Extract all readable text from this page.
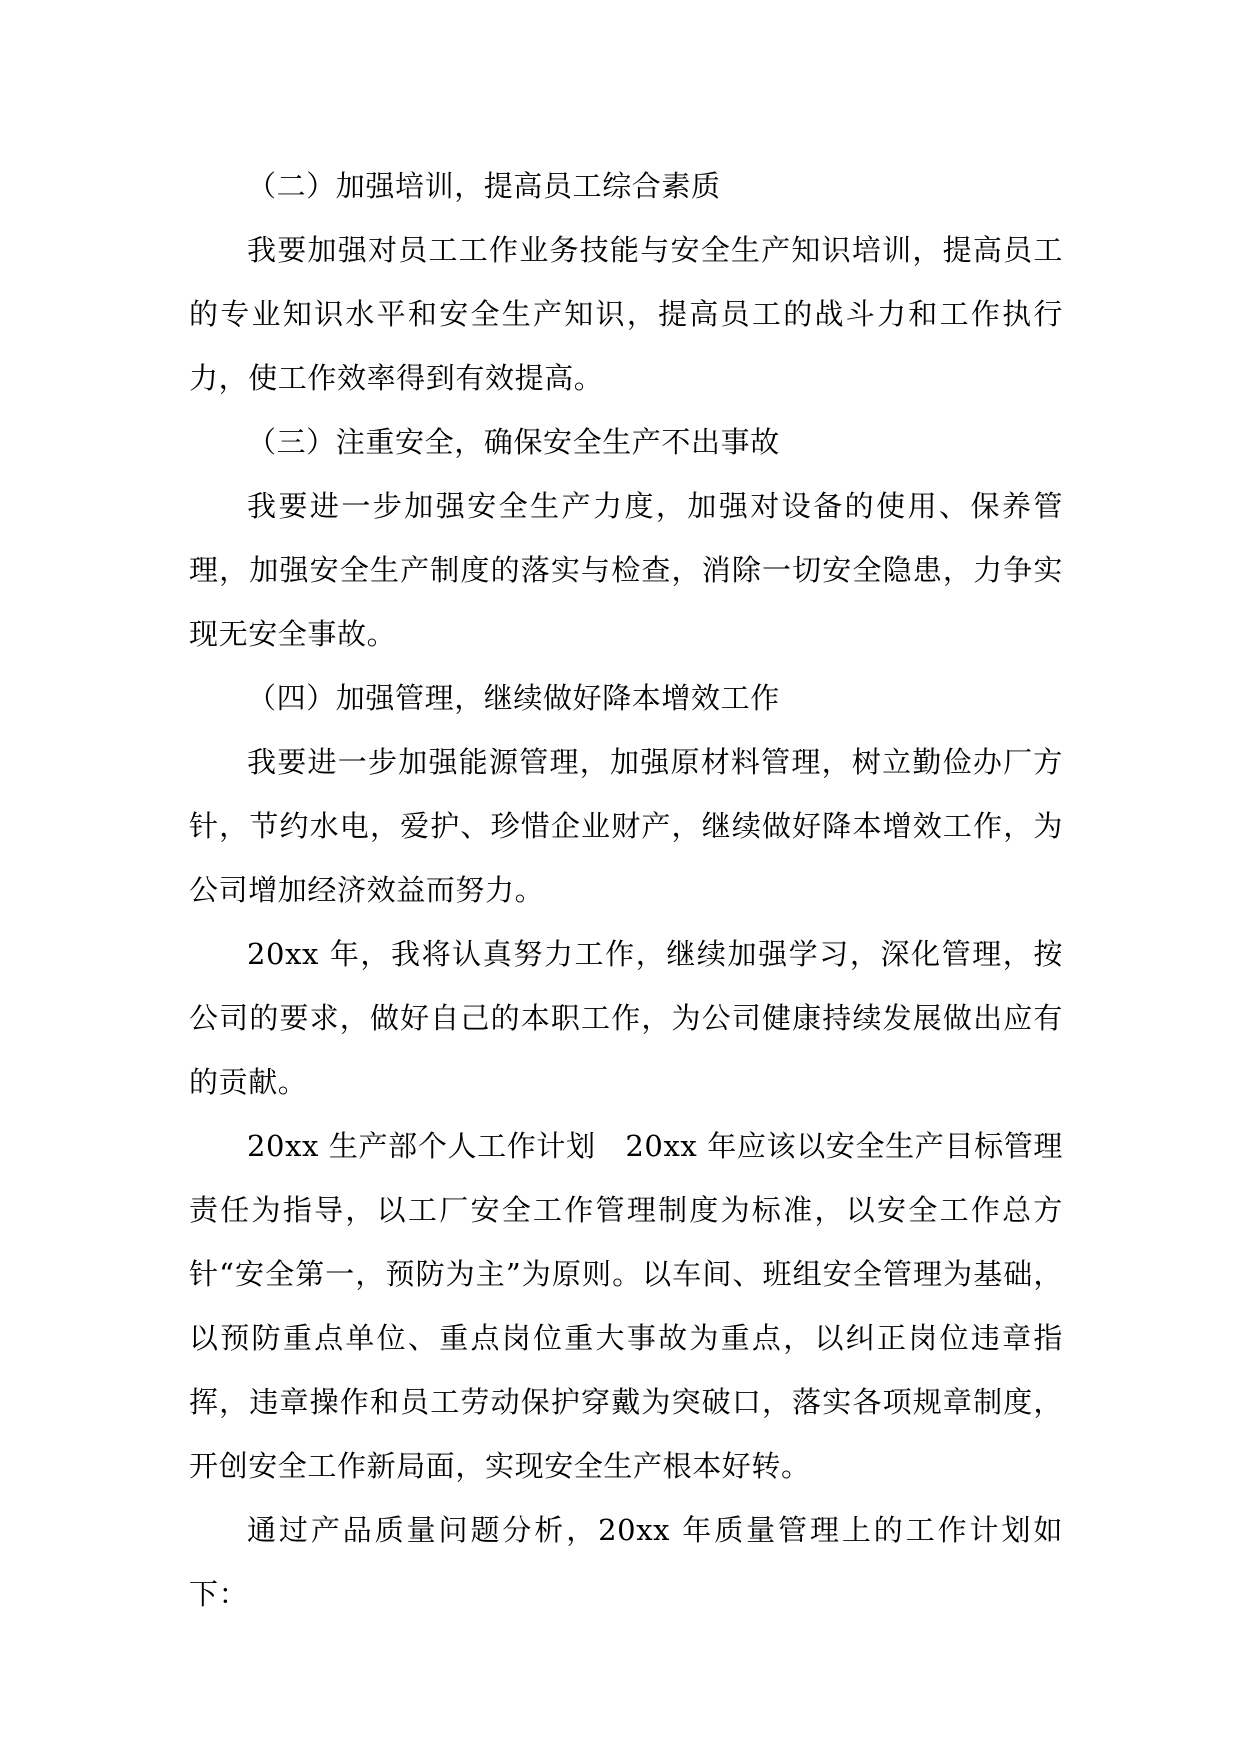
（二）加强培训，提高员工综合素质

我要加强对员工工作业务技能与安全生产知识培训，提高员工的专业知识水平和安全生产知识，提高员工的战斗力和工作执行力，使工作效率得到有效提高。

（三）注重安全，确保安全生产不出事故

我要进一步加强安全生产力度，加强对设备的使用、保养管理，加强安全生产制度的落实与检查，消除一切安全隐患，力争实现无安全事故。

（四）加强管理，继续做好降本增效工作

我要进一步加强能源管理，加强原材料管理，树立勤俭办厂方针，节约水电，爱护、珍惜企业财产，继续做好降本增效工作，为公司增加经济效益而努力。

20xx 年，我将认真努力工作，继续加强学习，深化管理，按公司的要求，做好自己的本职工作，为公司健康持续发展做出应有的贡献。

20xx 生产部个人工作计划　20xx 年应该以安全生产目标管理责任为指导，以工厂安全工作管理制度为标准，以安全工作总方针“安全第一，预防为主”为原则。以车间、班组安全管理为基础，以预防重点单位、重点岗位重大事故为重点，以纠正岗位违章指挥，违章操作和员工劳动保护穿戴为突破口，落实各项规章制度，开创安全工作新局面，实现安全生产根本好转。

通过产品质量问题分析，20xx 年质量管理上的工作计划如下：
